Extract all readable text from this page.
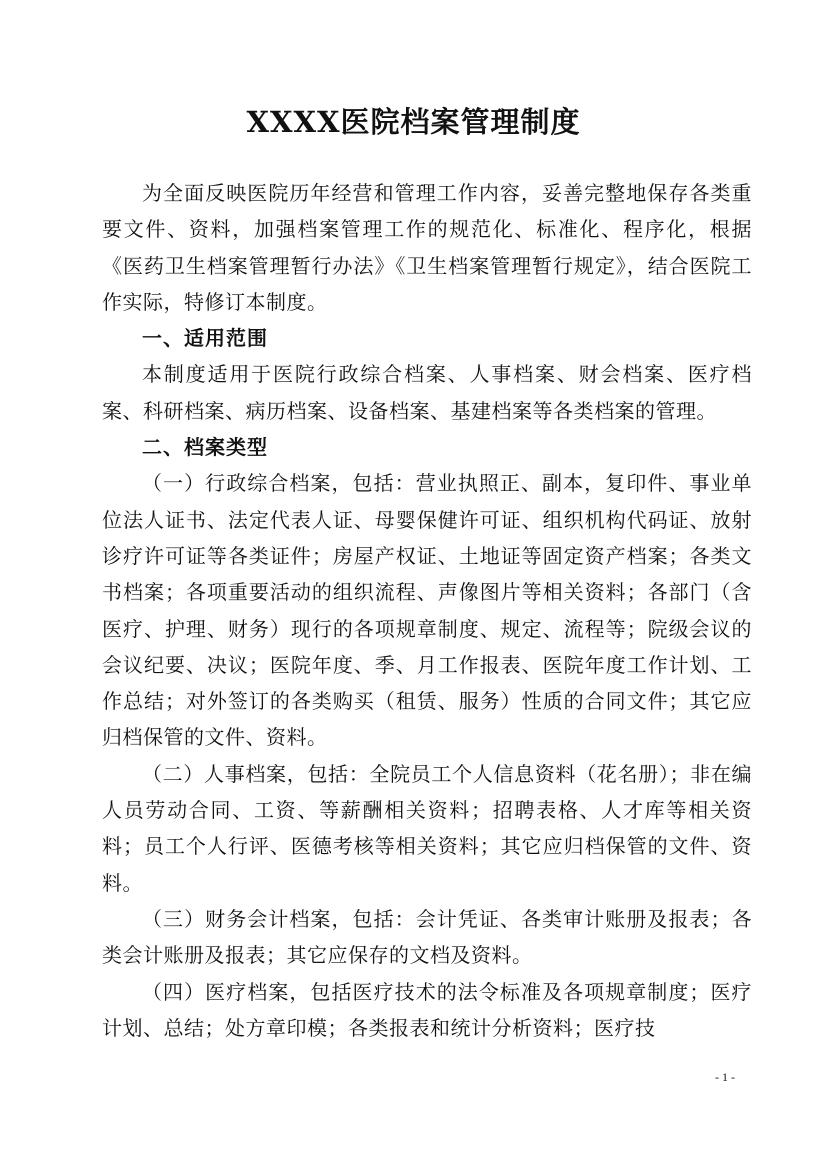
XXXX医院档案管理制度

为全面反映医院历年经营和管理工作内容，妥善完整地保存各类重要文件、资料，加强档案管理工作的规范化、标准化、程序化，根据《医药卫生档案管理暂行办法》《卫生档案管理暂行规定》，结合医院工作实际，特修订本制度。

一、适用范围

本制度适用于医院行政综合档案、人事档案、财会档案、医疗档案、科研档案、病历档案、设备档案、基建档案等各类档案的管理。

二、档案类型

（一）行政综合档案，包括：营业执照正、副本，复印件、事业单位法人证书、法定代表人证、母婴保健许可证、组织机构代码证、放射诊疗许可证等各类证件；房屋产权证、土地证等固定资产档案；各类文书档案；各项重要活动的组织流程、声像图片等相关资料；各部门（含医疗、护理、财务）现行的各项规章制度、规定、流程等；院级会议的会议纪要、决议；医院年度、季、月工作报表、医院年度工作计划、工作总结；对外签订的各类购买（租赁、服务）性质的合同文件；其它应归档保管的文件、资料。

（二）人事档案，包括：全院员工个人信息资料（花名册）；非在编人员劳动合同、工资、等薪酬相关资料；招聘表格、人才库等相关资料；员工个人行评、医德考核等相关资料；其它应归档保管的文件、资料。

（三）财务会计档案，包括：会计凭证、各类审计账册及报表；各类会计账册及报表；其它应保存的文档及资料。

（四）医疗档案，包括医疗技术的法令标准及各项规章制度；医疗计划、总结；处方章印模；各类报表和统计分析资料；医疗技

- 1 -
